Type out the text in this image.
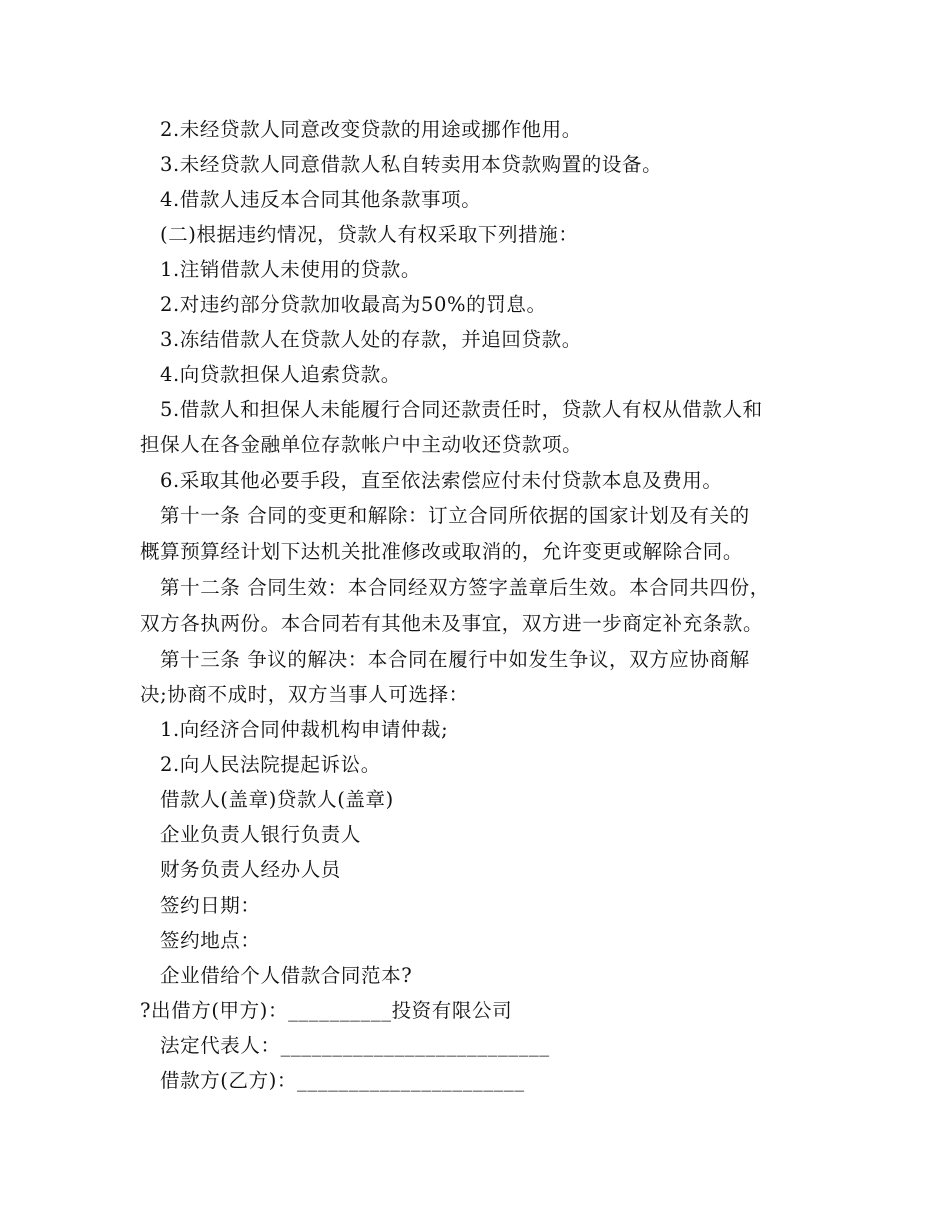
2.未经贷款人同意改变贷款的用途或挪作他用。
3.未经贷款人同意借款人私自转卖用本贷款购置的设备。
4.借款人违反本合同其他条款事项。
(二)根据违约情况，贷款人有权采取下列措施：
1.注销借款人未使用的贷款。
2.对违约部分贷款加收最高为50%的罚息。
3.冻结借款人在贷款人处的存款，并追回贷款。
4.向贷款担保人追索贷款。
5.借款人和担保人未能履行合同还款责任时，贷款人有权从借款人和
担保人在各金融单位存款帐户中主动收还贷款项。
6.采取其他必要手段，直至依法索偿应付未付贷款本息及费用。
第十一条 合同的变更和解除：订立合同所依据的国家计划及有关的
概算预算经计划下达机关批准修改或取消的，允许变更或解除合同。
第十二条 合同生效：本合同经双方签字盖章后生效。本合同共四份，
双方各执两份。本合同若有其他未及事宜，双方进一步商定补充条款。
第十三条 争议的解决：本合同在履行中如发生争议，双方应协商解
决;协商不成时，双方当事人可选择：
1.向经济合同仲裁机构申请仲裁;
2.向人民法院提起诉讼。
借款人(盖章)贷款人(盖章)
企业负责人银行负责人
财务负责人经办人员
签约日期：
签约地点：
企业借给个人借款合同范本?
?出借方(甲方)：__________投资有限公司
法定代表人：__________________________
借款方(乙方)：______________________
